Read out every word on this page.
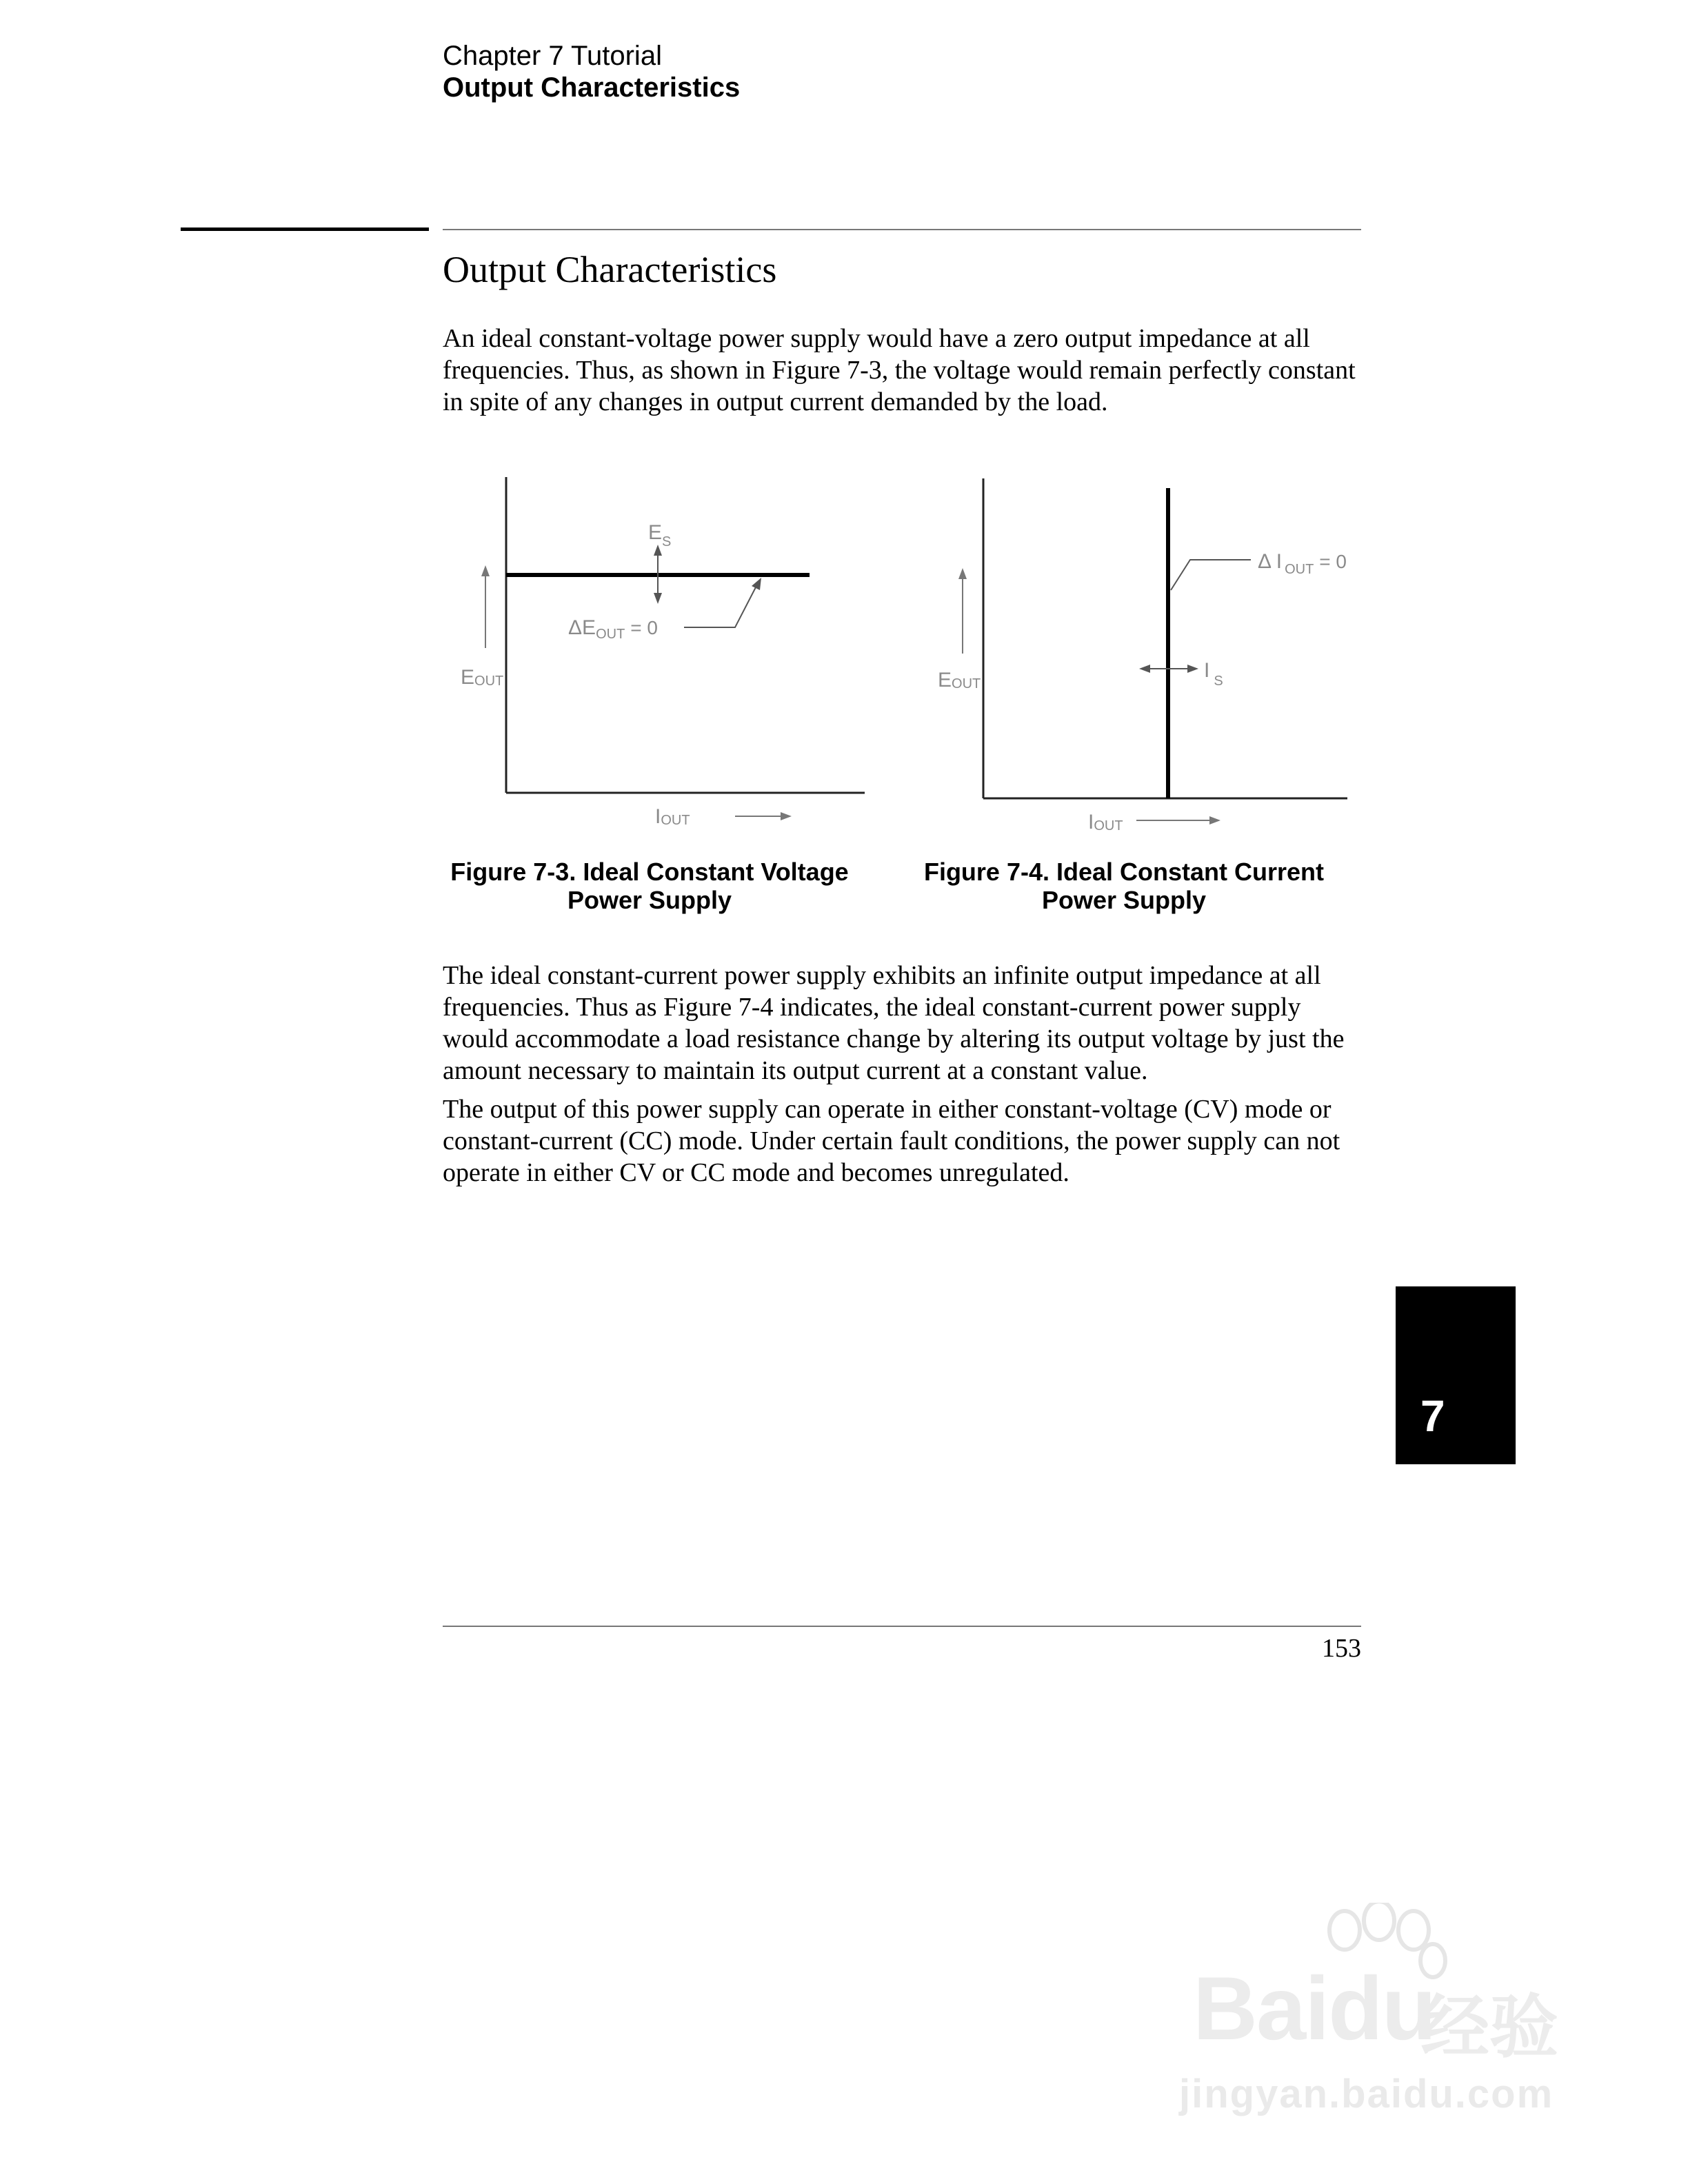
Chapter 7 Tutorial
Output Characteristics
Output Characteristics

An ideal constant-voltage power supply would have a zero output impedance at all frequencies. Thus, as shown in Figure 7-3, the voltage would remain perfectly constant in spite of any changes in output current demanded by the load.

$E_S$
$\Delta E_{OUT} = 0$
EOUT
IOUT
Δ I $_{OUT}$ = 0
I $_S$
EOUT
IOUT
Figure 7-3. Ideal Constant Voltage
Power Supply
Figure 7-4. Ideal Constant Current
Power Supply

The ideal constant-current power supply exhibits an infinite output impedance at all frequencies. Thus as Figure 7-4 indicates, the ideal constant-current power supply would accommodate a load resistance change by altering its output voltage by just the amount necessary to maintain its output current at a constant value.

The output of this power supply can operate in either constant-voltage (CV) mode or constant-current (CC) mode. Under certain fault conditions, the power supply can not operate in either CV or CC mode and becomes unregulated.

7
153
Baidu
经验
jingyan.baidu.com
